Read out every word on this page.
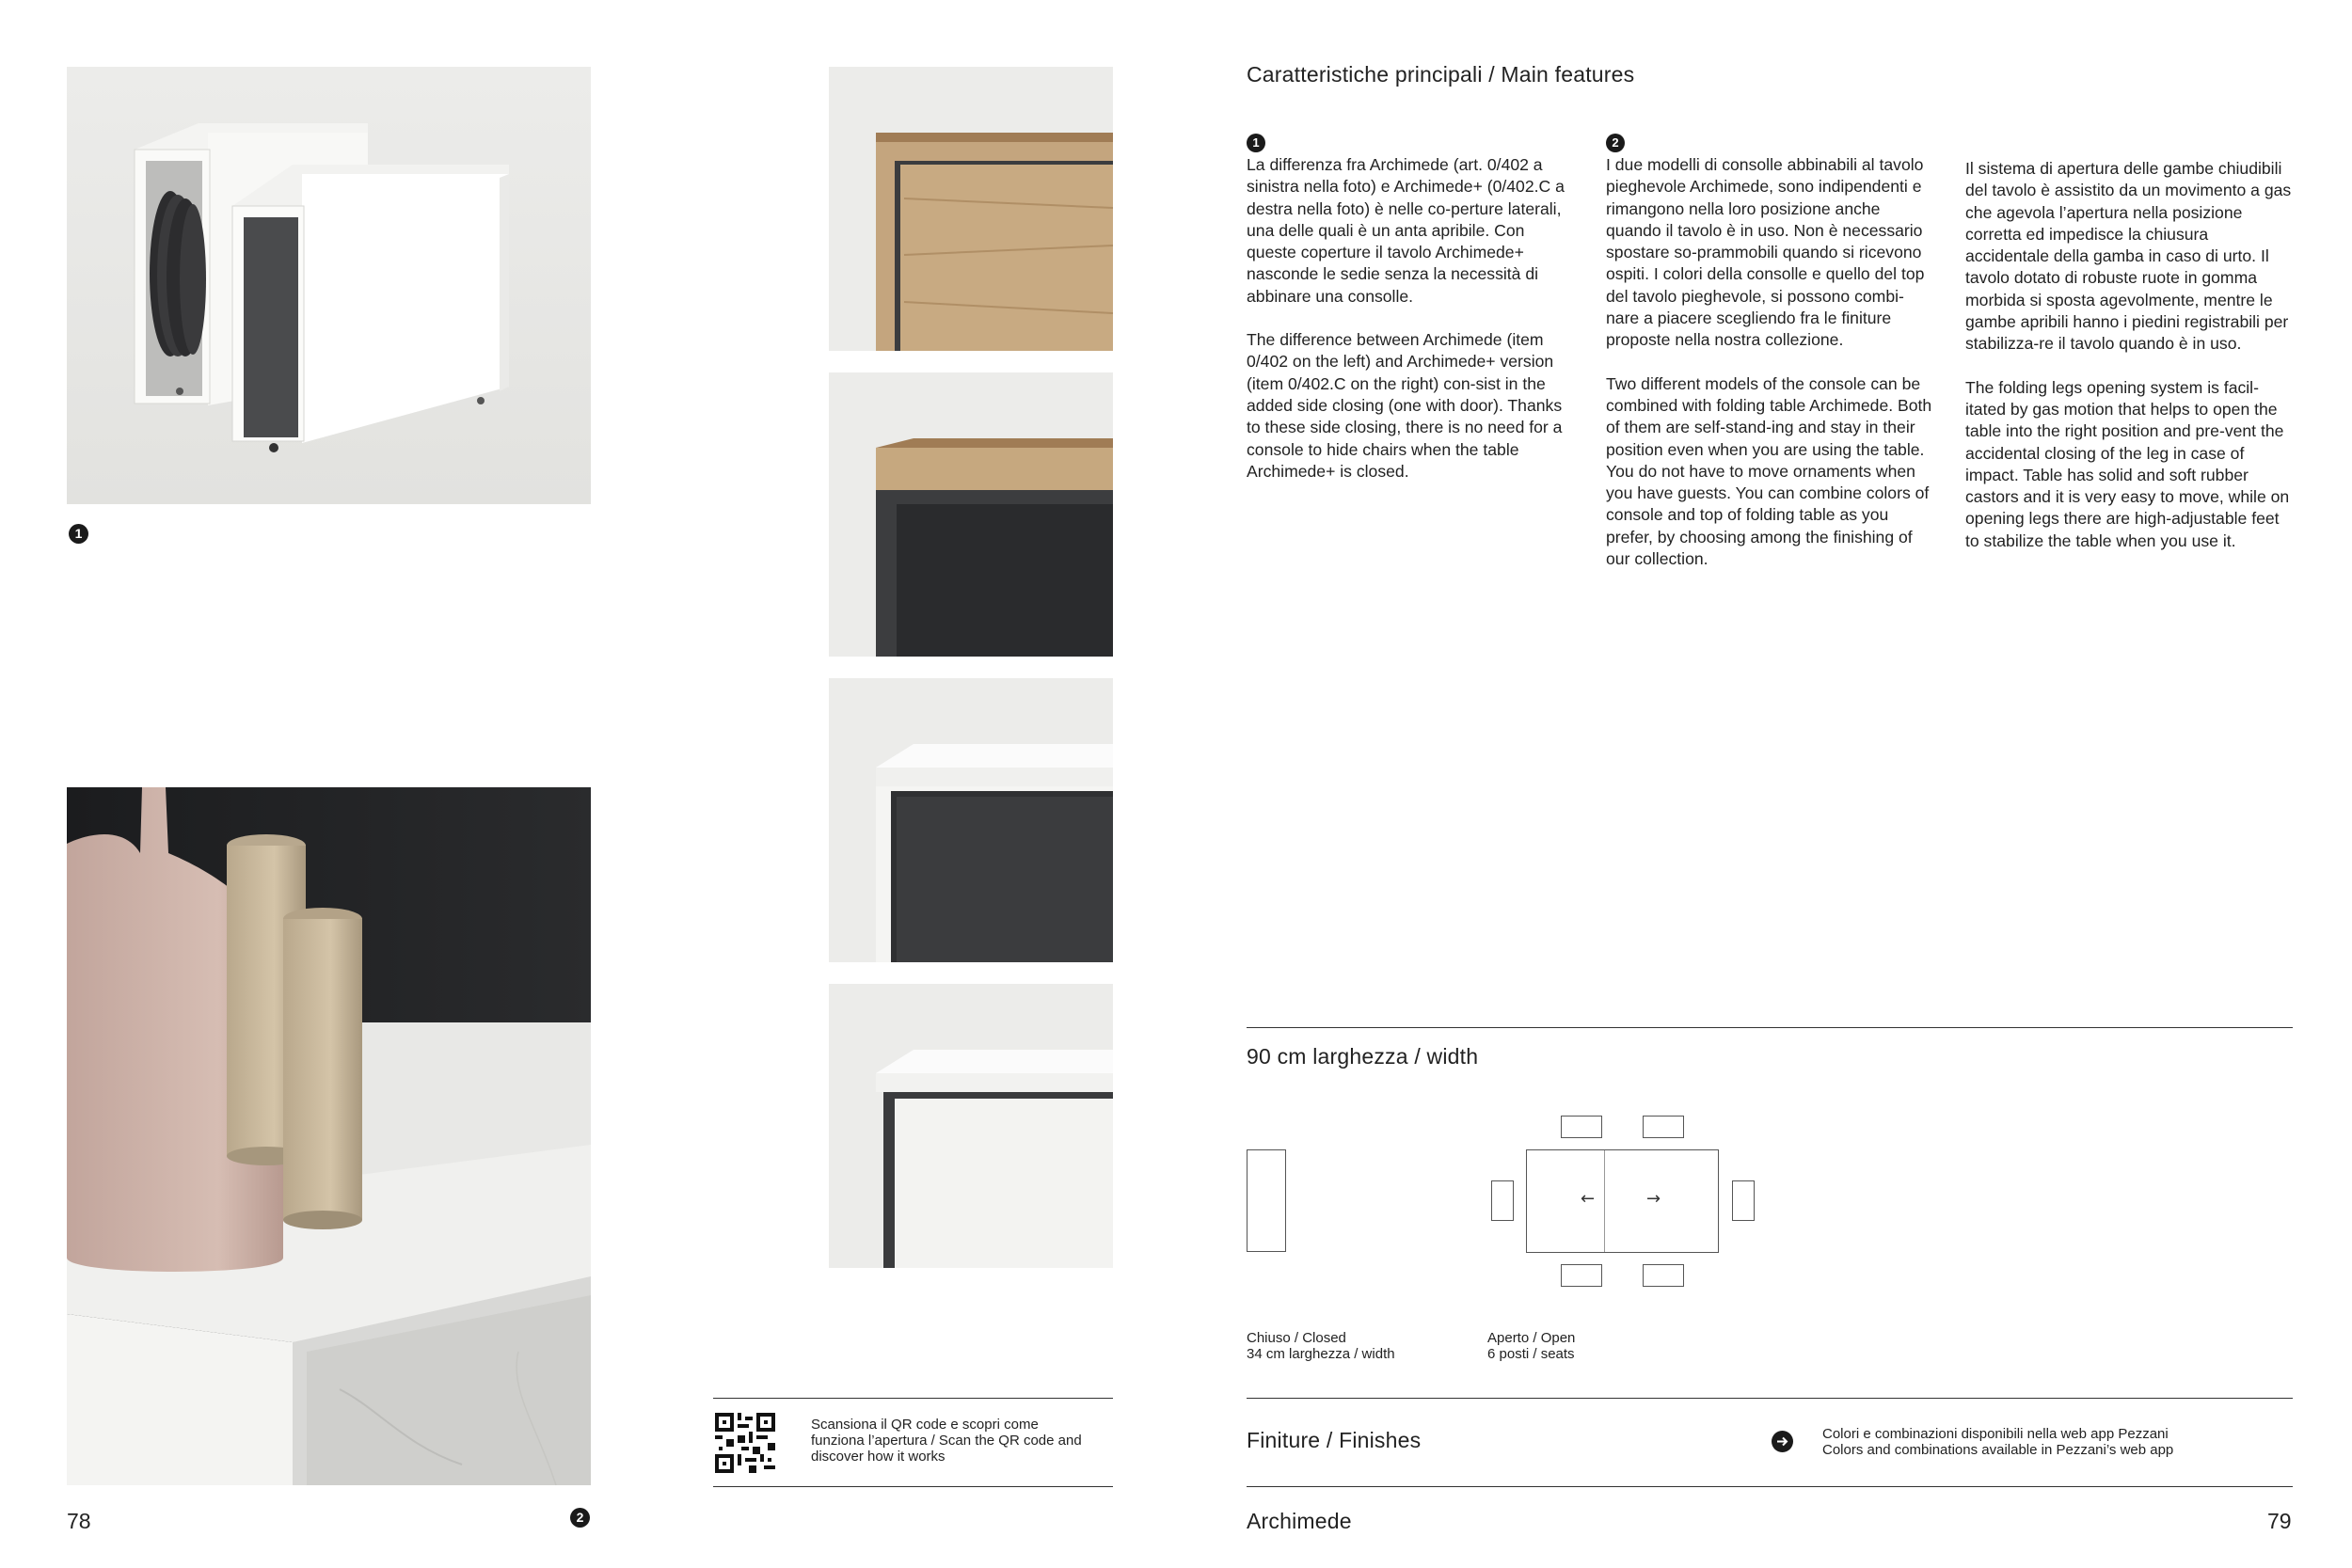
1
2
78
Scansiona il QR code e scopri come funziona l’apertura / Scan the QR code and discover how it works
Caratteristiche principali / Main features
1

La differenza fra Archimede (art. 0/402 a sinistra nella foto) e Archimede+ (0/402.C a destra nella foto) è nelle co-perture laterali, una delle quali è un anta apribile. Con queste coperture il tavolo Archimede+ nasconde le sedie senza la necessità di abbinare una consolle.

The difference between Archimede (item 0/402 on the left) and Archimede+ version (item 0/402.C on the right) con-sist in the added side closing (one with door). Thanks to these side closing, there is no need for a console to hide chairs when the table Archimede+ is closed.

2

I due modelli di consolle abbinabili al tavolo pieghevole Archimede, sono indipendenti e rimangono nella loro posizione anche quando il tavolo è in uso. Non è necessario spostare so-prammobili quando si ricevono ospiti. I colori della consolle e quello del top del tavolo pieghevole, si possono combi-nare a piacere scegliendo fra le finiture proposte nella nostra collezione.

Two different models of the console can be combined with folding table Archimede. Both of them are self-stand-ing and stay in their position even when you are using the table. You do not have to move ornaments when you have guests. You can combine colors of console and top of folding table as you prefer, by choosing among the finishing of our collection.

Il sistema di apertura delle gambe chiudibili del tavolo è assistito da un movimento a gas che agevola l’apertura nella posizione corretta ed impedisce la chiusura accidentale della gamba in caso di urto. Il tavolo dotato di robuste ruote in gomma morbida si sposta agevolmente, mentre le gambe apribili hanno i piedini registrabili per stabilizza-re il tavolo quando è in uso.

The folding legs opening system is facil-itated by gas motion that helps to open the table into the right position and pre-vent the accidental closing of the leg in case of impact. Table has solid and soft rubber castors and it is very easy to move, while on opening legs there are high-adjustable feet to stabilize the table when you use it.

90 cm larghezza / width
←	→
Chiuso / Closed
34 cm larghezza / width
Aperto / Open
6 posti / seats
Finiture / Finishes	Colori e combinazioni disponibili nella web app Pezzani
Colors and combinations available in Pezzani’s web app
Archimede	79
